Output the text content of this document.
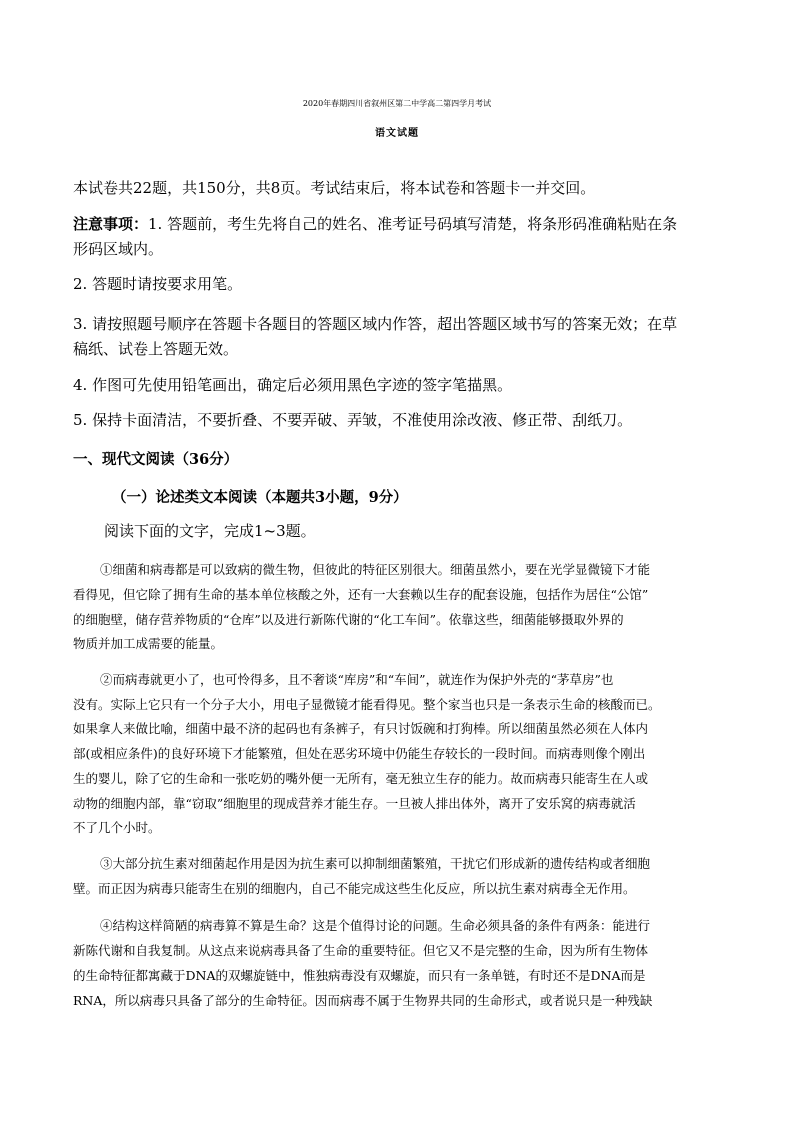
2020年春期四川省叙州区第二中学高二第四学月考试

语文试题

本试卷共22题，共150分，共8页。考试结束后，将本试卷和答题卡一并交回。

注意事项：1. 答题前，考生先将自己的姓名、准考证号码填写清楚，将条形码准确粘贴在条

形码区域内。

2. 答题时请按要求用笔。

3. 请按照题号顺序在答题卡各题目的答题区域内作答，超出答题区域书写的答案无效；在草

稿纸、试卷上答题无效。

4. 作图可先使用铅笔画出，确定后必须用黑色字迹的签字笔描黑。

5. 保持卡面清洁，不要折叠、不要弄破、弄皱，不准使用涂改液、修正带、刮纸刀。

一、现代文阅读（36分）

（一）论述类文本阅读（本题共3小题，9分）

阅读下面的文字，完成1~3题。

①细菌和病毒都是可以致病的微生物，但彼此的特征区别很大。细菌虽然小，要在光学显微镜下才能

看得见，但它除了拥有生命的基本单位核酸之外，还有一大套赖以生存的配套设施，包括作为居住“公馆”

的细胞壁，储存营养物质的“仓库”以及进行新陈代谢的“化工车间”。依靠这些，细菌能够摄取外界的

物质并加工成需要的能量。

②而病毒就更小了，也可怜得多，且不奢谈“库房”和“车间”，就连作为保护外壳的“茅草房”也

没有。实际上它只有一个分子大小，用电子显微镜才能看得见。整个家当也只是一条表示生命的核酸而已。

如果拿人来做比喻，细菌中最不济的起码也有条裤子，有只讨饭碗和打狗棒。所以细菌虽然必须在人体内

部(或相应条件)的良好环境下才能繁殖，但处在恶劣环境中仍能生存较长的一段时间。而病毒则像个刚出

生的婴儿，除了它的生命和一张吃奶的嘴外便一无所有，毫无独立生存的能力。故而病毒只能寄生在人或

动物的细胞内部，靠“窃取”细胞里的现成营养才能生存。一旦被人排出体外，离开了安乐窝的病毒就活

不了几个小时。

③大部分抗生素对细菌起作用是因为抗生素可以抑制细菌繁殖，干扰它们形成新的遗传结构或者细胞

壁。而正因为病毒只能寄生在别的细胞内，自己不能完成这些生化反应，所以抗生素对病毒全无作用。

④结构这样简陋的病毒算不算是生命？这是个值得讨论的问题。生命必须具备的条件有两条：能进行

新陈代谢和自我复制。从这点来说病毒具备了生命的重要特征。但它又不是完整的生命，因为所有生物体

的生命特征都寓藏于DNA的双螺旋链中，惟独病毒没有双螺旋，而只有一条单链，有时还不是DNA而是

RNA，所以病毒只具备了部分的生命特征。因而病毒不属于生物界共同的生命形式，或者说只是一种残缺
